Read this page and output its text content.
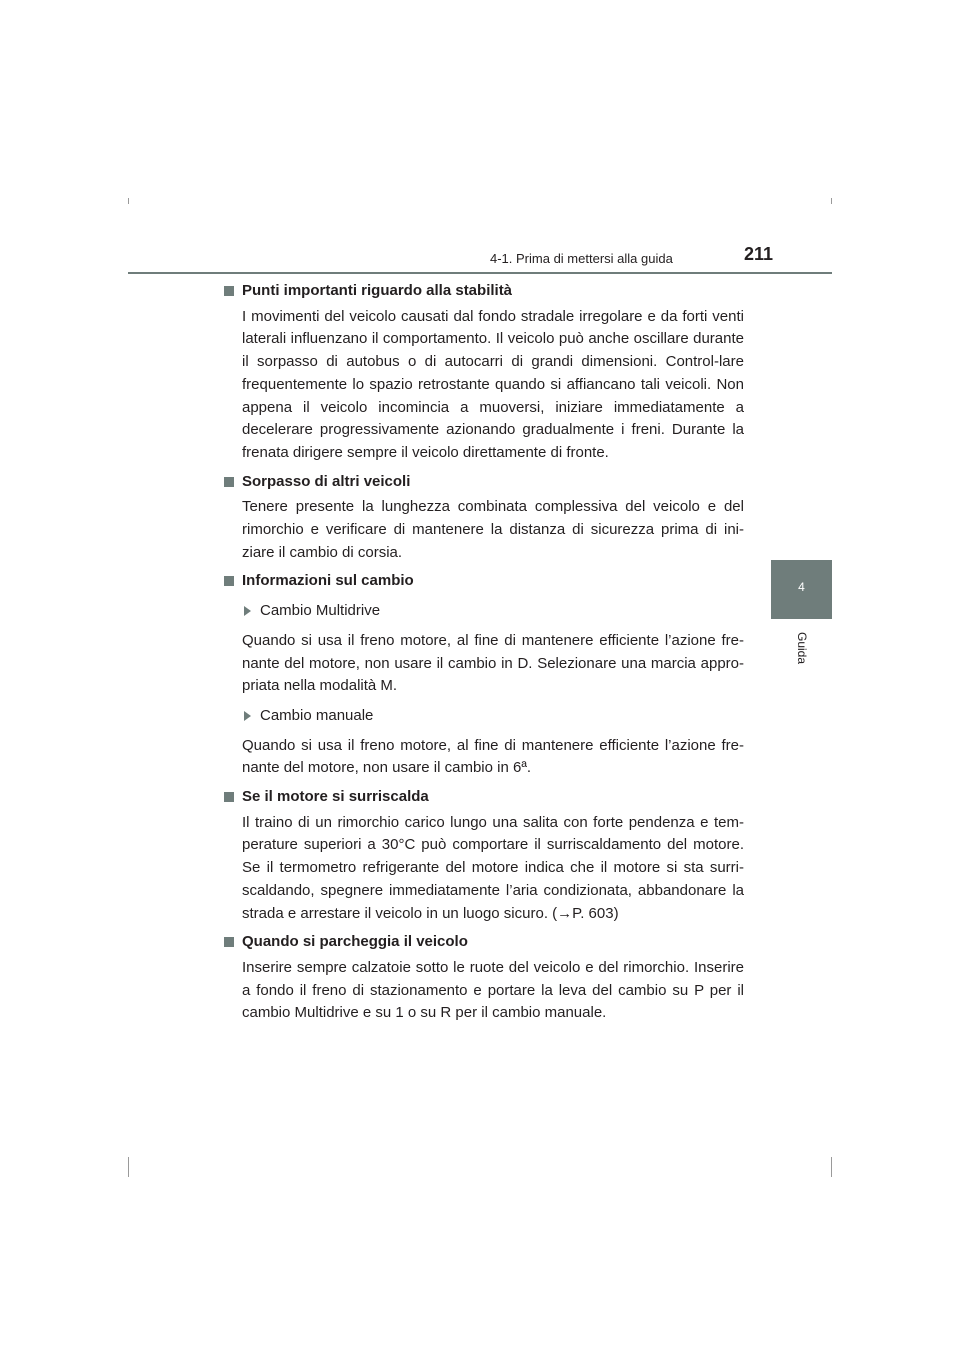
4-1. Prima di mettersi alla guida	211
4
Guida
Punti importanti riguardo alla stabilità

I movimenti del veicolo causati dal fondo stradale irregolare e da forti venti laterali influenzano il comportamento. Il veicolo può anche oscillare durante il sorpasso di autobus o di autocarri di grandi dimensioni. Control-lare frequentemente lo spazio retrostante quando si affiancano tali veicoli. Non appena il veicolo incomincia a muoversi, iniziare immediatamente a decelerare progressivamente azionando gradualmente i freni. Durante la frenata dirigere sempre il veicolo direttamente di fronte.

Sorpasso di altri veicoli

Tenere presente la lunghezza combinata complessiva del veicolo e del rimorchio e verificare di mantenere la distanza di sicurezza prima di ini-ziare il cambio di corsia.

Informazioni sul cambio
Cambio Multidrive

Quando si usa il freno motore, al fine di mantenere efficiente l’azione fre-nante del motore, non usare il cambio in D. Selezionare una marcia appro-priata nella modalità M.

Cambio manuale

Quando si usa il freno motore, al fine di mantenere efficiente l’azione fre-nante del motore, non usare il cambio in 6ª.

Se il motore si surriscalda

Il traino di un rimorchio carico lungo una salita con forte pendenza e tem-perature superiori a 30°C può comportare il surriscaldamento del motore. Se il termometro refrigerante del motore indica che il motore si sta surri-scaldando, spegnere immediatamente l’aria condizionata, abbandonare la strada e arrestare il veicolo in un luogo sicuro. (→P. 603)

Quando si parcheggia il veicolo

Inserire sempre calzatoie sotto le ruote del veicolo e del rimorchio. Inserire a fondo il freno di stazionamento e portare la leva del cambio su P per il cambio Multidrive e su 1 o su R per il cambio manuale.
